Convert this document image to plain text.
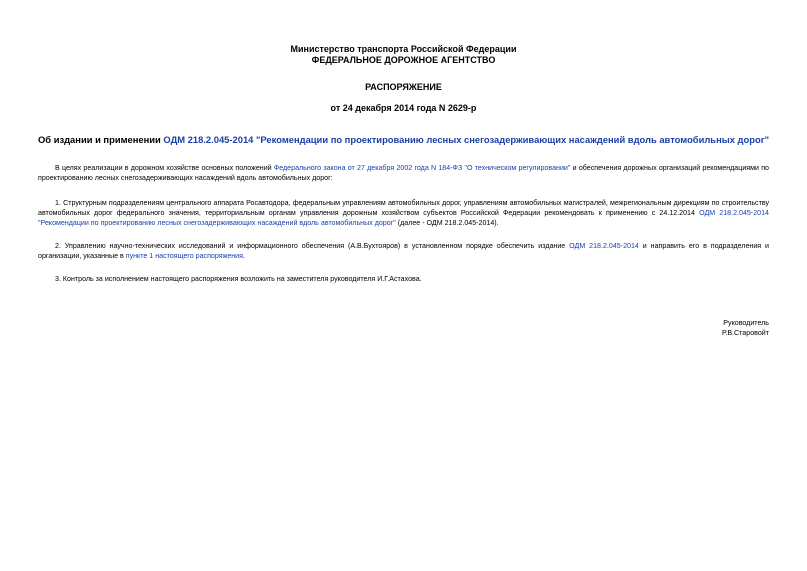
Министерство транспорта Российской Федерации
ФЕДЕРАЛЬНОЕ ДОРОЖНОЕ АГЕНТСТВО
РАСПОРЯЖЕНИЕ
от 24 декабря 2014 года N 2629-р
Об издании и применении ОДМ 218.2.045-2014 "Рекомендации по проектированию лесных снегозадерживающих насаждений вдоль автомобильных дорог"

В целях реализации в дорожном хозяйстве основных положений Федерального закона от 27 декабря 2002 года N 184-ФЗ "О техническом регулировании" и обеспечения дорожных организаций рекомендациями по проектированию лесных снегозадерживающих насаждений вдоль автомобильных дорог:

1. Структурным подразделениям центрального аппарата Росавтодора, федеральным управлениям автомобильных дорог, управлениям автомобильных магистралей, межрегиональным дирекциям по строительству автомобильных дорог федерального значения, территориальным органам управления дорожным хозяйством субъектов Российской Федерации рекомендовать к применению с 24.12.2014 ОДМ 218.2.045-2014 "Рекомендации по проектированию лесных снегозадерживающих насаждений вдоль автомобильных дорог" (далее - ОДМ 218.2.045-2014).

2. Управлению научно-технических исследований и информационного обеспечения (А.В.Бухтояров) в установленном порядке обеспечить издание ОДМ 218.2.045-2014 и направить его в подразделения и организации, указанные в пункте 1 настоящего распоряжения.

3. Контроль за исполнением настоящего распоряжения возложить на заместителя руководителя И.Г.Астахова.

Руководитель
Р.В.Старовойт
